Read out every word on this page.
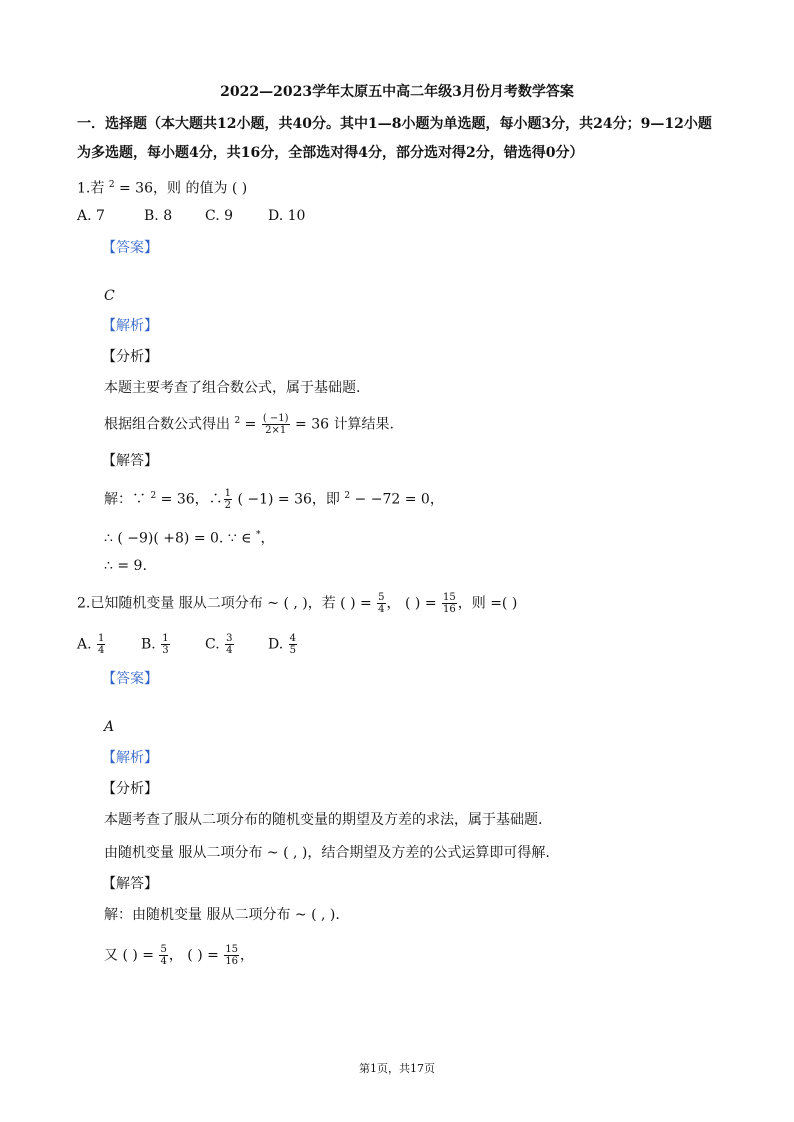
2022—2023学年太原五中高二年级3月份月考数学答案
一．选择题（本大题共12小题，共40分。其中1—8小题为单选题，每小题3分，共24分；9—12小题
为多选题，每小题4分，共16分，全部选对得4分，部分选对得2分，错选得0分）
1.若 $^2$ = 36，则 的值为 ( )
A. 7	B. 8 C. 9 D. 10
【答案】
C
【解析】
【分析】
本题主要考查了组合数公式，属于基础题.
根据组合数公式得出 $^2 = \frac{( -1)}{2\times 1} = 36$ 计算结果.
【解答】
解：∵ $^2$ = 36，∴ $\frac{1}{2}$ ( −1) = 36，即 $^2$ − −72 = 0，
∴ ( −9)( +8) = 0. ∵ ∈ *，
∴ = 9.
2.已知随机变量 服从二项分布 ~ ( , )，若 ( ) = $\frac{5}{4}$ ， ( ) = $\frac{15}{16}$ ，则 =( )
A. $\frac{1}{4}$	B. $\frac{1}{3}$	C. $\frac{3}{4} D$. $\frac{4}{5}$
【答案】
A
【解析】
【分析】
本题考查了服从二项分布的随机变量的期望及方差的求法，属于基础题.
由随机变量 服从二项分布 ~ ( , )，结合期望及方差的公式运算即可得解.
【解答】
解：由随机变量 服从二项分布 ~ ( , ).
又 ( ) = $\frac{5}{4}$ ， ( ) = $\frac{15}{16}$ ，
第1页，共17页
